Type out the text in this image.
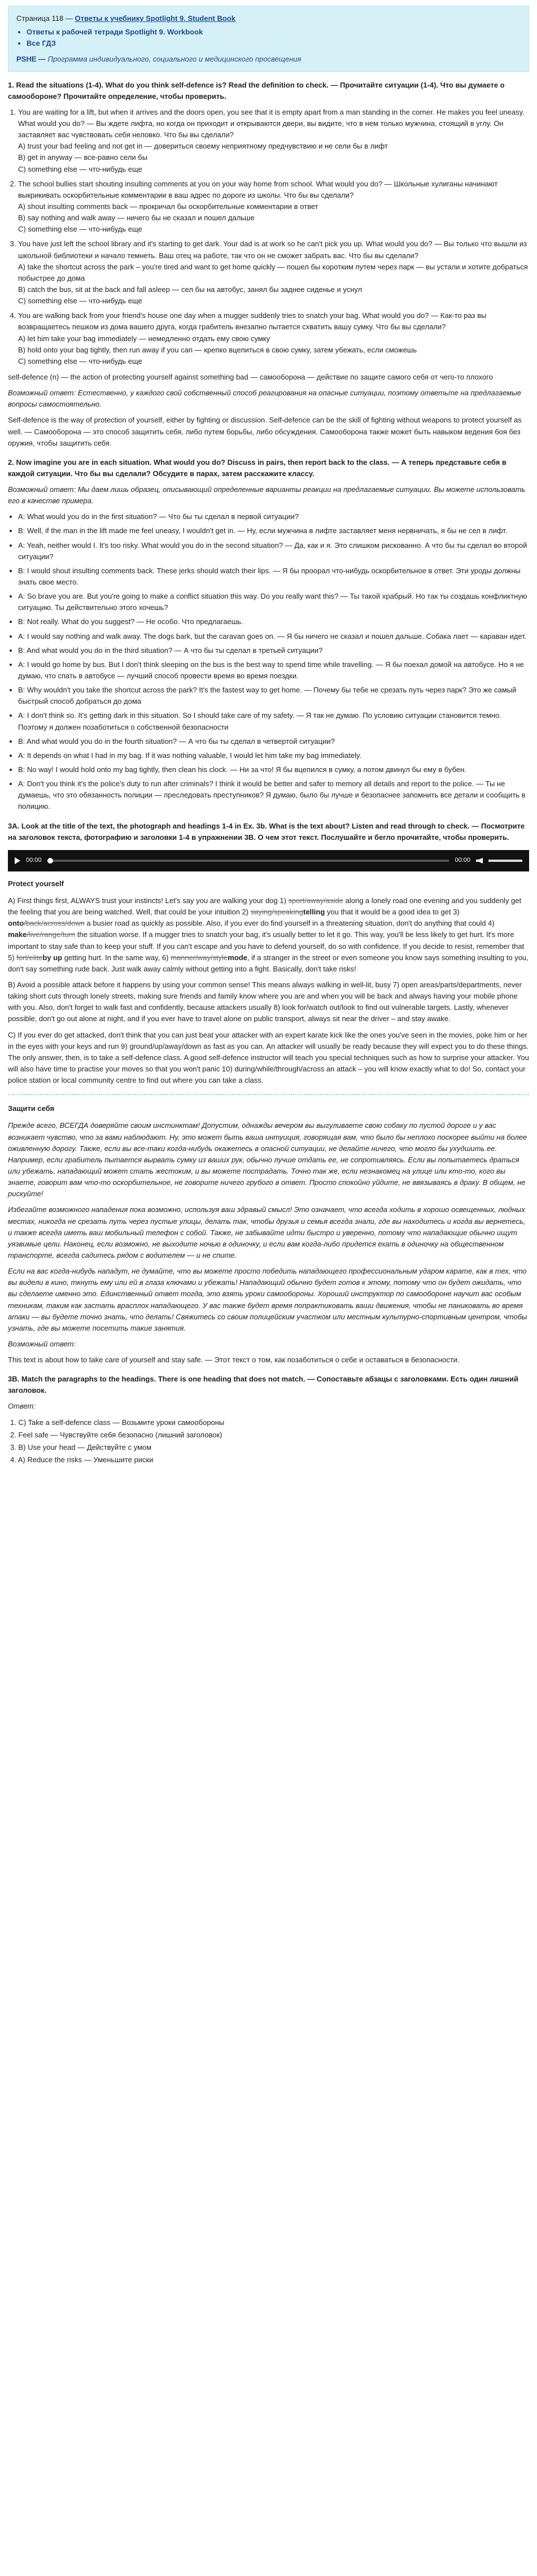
Страница 118 — Ответы к учебнику Spotlight 9. Student Book
• Ответы к рабочей тетради Spotlight 9. Workbook
• Все ГДЗ
PSHE — Программа индивидуального, социального и медицинского просвещения
1. Read the situations (1-4). What do you think self-defence is? Read the definition to check. — Прочитайте ситуации (1-4). Что вы думаете о самообороне? Прочитайте определение, чтобы проверить.
1. You are waiting for a lift, but when it arrives and the doors open, you see that it is empty apart from a man standing in the corner. He makes you feel uneasy. What would you do? — Вы ждете лифта, но когда он приходит и открываются двери, вы видите, что в нем только мужчина, стоящий в углу. Он заставляет вас чувствовать себя неловко. Что бы вы сделали?
A) trust your bad feeling and not get in — довериться своему неприятному предчувствию и не сели бы в лифт
B) get in anyway — все-равно сели бы
C) something else — что-нибудь еще
2. The school bullies start shouting insulting comments at you on your way home from school. What would you do? — Школьные хулиганы начинают выкрикивать оскорбительные комментарии в ваш адрес по дороге из школы. Что бы вы сделали?
A) shout insulting comments back — прокричал бы оскорбительные комментарии в ответ
B) say nothing and walk away — ничего бы не сказал и пошел дальше
C) something else — что-нибудь еще
3. You have just left the school library and it's starting to get dark. Your dad is at work so he can't pick you up. What would you do? — Вы только что вышли из школьной библиотеки и начало темнеть. Ваш отец на работе, так что он не сможет забрать вас. Что бы вы сделали?
A) take the shortcut across the park – you're tired and want to get home quickly — пошел бы коротким путем через парк — вы устали и хотите добраться побыстрее до дома
B) catch the bus, sit at the back and fall asleep — сел бы на автобус, занял бы заднее сиденье и уснул
C) something else — что-нибудь еще
4. You are walking back from your friend's house one day when a mugger suddenly tries to snatch your bag. What would you do? — Как-то раз вы возвращаетесь пешком из дома вашего друга, когда грабитель внезапно пытается схватить вашу сумку. Что бы вы сделали?
A) let him take your bag immediately — немедленно отдать ему свою сумку
B) hold onto your bag tightly, then run away if you can — крепко вцепиться в свою сумку, затем убежать, если сможешь
C) something else — что-нибудь еще

self-defence (n) — the action of protecting yourself against something bad — самооборона — действие по защите самого себя от чего-то плохого

Возможный ответ: Естественно, у каждого свой собственный способ реагирования на опасные ситуации, поэтому ответьте на предлагаемые вопросы самостоятельно.

Self-defence is the way of protection of yourself, either by fighting or discussion. Self-defence can be the skill of fighting without weapons to protect yourself as well. — Самооборона — это способ защитить себя, либо путем борьбы, либо обсуждения. Самооборона также может быть навыком ведения боя без оружия, чтобы защитить себя.

2. Now imagine you are in each situation. What would you do? Discuss in pairs, then report back to the class. — А теперь представьте себя в каждой ситуации. Что бы вы сделали? Обсудите в парах, затем расскажите классу.

Возможный ответ: Мы даем лишь образец, описывающий определенные варианты реакции на предлагаемые ситуации. Вы можете использовать его в качестве примера.

• A: What would you do in the first situation? — Что бы ты сделал в первой ситуации?
• B: Well, if the man in the lift made me feel uneasy, I wouldn't get in. — Ну, если мужчина в лифте заставляет меня нервничать, я бы не сел в лифт.
• A: Yeah, neither would I. It's too risky. What would you do in the second situation? — Да, как и я. Это слишком рискованно. А что бы ты сделал во второй ситуации?
• B: I would shout insulting comments back. These jerks should watch their lips. — Я бы проорал что-нибудь оскорбительное в ответ. Эти уроды должны знать свое место.
• A: So brave you are. But you're going to make a conflict situation this way. Do you really want this? — Ты такой храбрый. Но так ты создашь конфликтную ситуацию. Ты действительно этого хочешь?
• B: Not really. What do you suggest? — Не особо. Что предлагаешь.
• A: I would say nothing and walk away. The dogs bark, but the caravan goes on. — Я бы ничего не сказал и пошел дальше. Собака лает — караван идет.
• B: And what would you do in the third situation? — А что бы ты сделал в третьей ситуации?
• A: I would go home by bus. But I don't think sleeping on the bus is the best way to spend time while travelling. — Я бы поехал домой на автобусе. Но я не думаю, что спать в автобусе — лучший способ провести время во время поездки.
• B: Why wouldn't you take the shortcut across the park? It's the fastest way to get home. — Почему бы тебе не срезать путь через парк? Это же самый быстрый способ добраться до дома
• A: I don't think so. It's getting dark in this situation. So I should take care of my safety. — Я так не думаю. По условию ситуации становится темно. Поэтому я должен позаботиться о собственной безопасности
• B: And what would you do in the fourth situation? — А что бы ты сделал в четвертой ситуации?
• A: It depends on what I had in my bag. If it was nothing valuable, I would let him take my bag immediately.
• B: No way! I would hold onto my bag tightly, then clean his clock. — Ни за что! Я бы вцепился в сумку, а потом двинул бы ему в бубен.
• A: Don't you think it's the police's duty to run after criminals? I think it would be better and safer to memory all details and report to the police. — Ты не думаешь, что это обязанность полиции — преследовать преступников? Я думаю, было бы лучше и безопаснее запомнить все детали и сообщить в полицию.
3A. Look at the title of the text, the photograph and headings 1-4 in Ex. 3b. What is the text about? Listen and read through to check. — Посмотрите на заголовок текста, фотографию и заголовки 1-4 в упражнении 3B. О чем этот текст. Послушайте и бегло прочитайте, чтобы проверить.
00:00	00:00
Protect yourself

A) First things first, ALWAYS trust your instincts! Let's say you are walking your dog 1) sport/away/aside along a lonely road one evening and you suddenly get the feeling that you are being watched. Well, that could be your intuition 2) saying/speakingtelling you that it would be a good idea to get 3) onto/back/across/down a busier road as quickly as possible. Also, if you ever do find yourself in a threatening situation, don't do anything that could 4) make/live/range/turn the situation worse. If a mugger tries to snatch your bag, it's usually better to let it go. This way, you'll be less likely to get hurt. It's more important to stay safe than to keep your stuff. If you can't escape and you have to defend yourself, do so with confidence. If you decide to resist, remember that 5) fort/eliteby up getting hurt. In the same way, 6) manner/way/stylemode, if a stranger in the street or even someone you know says something insulting to you, don't say something rude back. Just walk away calmly without getting into a fight. Basically, don't take risks!

B) Avoid a possible attack before it happens by using your common sense! This means always walking in well-lit, busy 7) open areas/parts/departments, never taking short cuts through lonely streets, making sure friends and family know where you are and when you will be back and always having your mobile phone with you. Also, don't forget to walk fast and confidently, because attackers usually 8) look for/watch out/look to find out vulnerable targets. Lastly, whenever possible, don't go out alone at night, and if you ever have to travel alone on public transport, always sit near the driver – and stay awake.

C) If you ever do get attacked, don't think that you can just beat your attacker with an expert karate kick like the ones you've seen in the movies, poke him or her in the eyes with your keys and run 9) ground/up/away/down as fast as you can. An attacker will usually be ready because they will expect you to do these things. The only answer, then, is to take a self-defence class. A good self-defence instructor will teach you special techniques such as how to surprise your attacker. You will also have time to practise your moves so that you won't panic 10) during/while/through/across an attack – you will know exactly what to do! So, contact your police station or local community centre to find out where you can take a class.

Защити себя

Прежде всего, ВСЕГДА доверяйте своим инстинктам! Допустим, однажды вечером вы выгуливаете свою собаку по пустой дороге и у вас возникает чувство, что за вами наблюдают. Ну, это может быть ваша интуиция, говорящая вам, что было бы неплохо поскорее выйти на более оживленную дорогу. Также, если вы все-таки когда-нибудь окажетесь в опасной ситуации, не делайте ничего, что могло бы ухудшить ее. Например, если грабитель пытается вырвать сумку из ваших рук, обычно лучше отдать ее, не сопротивляясь. Если вы попытаетесь драться или убежать, нападающий может стать жестоким, и вы можете пострадать. Точно так же, если незнакомец на улице или кто-то, кого вы знаете, говорит вам что-то оскорбительное, не говорите ничего грубого в ответ. Просто спокойно уйдите, не ввязываясь в драку. В общем, не рискуйте!

Избегайте возможного нападения пока возможно, используя ваш здравый смысл! Это означает, что всегда ходить в хорошо освещенных, людных местах, никогда не срезать путь через пустые улицы, делать так, чтобы друзья и семья всегда знали, где вы находитесь и когда вы вернетесь, и также всегда иметь ваш мобильный телефон с собой. Также, не забывайте идти быстро и уверенно, потому что нападающие обычно ищут уязвимые цели. Наконец, если возможно, не выходите ночью в одиночку, и если вам когда-либо придется ехать в одиночку на общественном транспорте, всегда садитесь рядом с водителем — и не спите.

Если на вас когда-нибудь нападут, не думайте, что вы можете просто победить нападающего профессиональным ударом карате, как в тех, что вы видели в кино, ткнуть ему или ей в глаза ключами и убежать! Нападающий обычно будет готов к этому, потому что он будет ожидать, что вы сделаете именно это. Единственный ответ тогда, это взять уроки самообороны. Хороший инструктор по самообороне научит вас особым техникам, таким как застать врасплох нападающего. У вас также будет время попрактиковать ваши движения, чтобы не паниковать во время атаки — вы будете точно знать, что делать! Свяжитесь со своим полицейским участком или местным культурно-спортивным центром, чтобы узнать, где вы можете посетить такие занятия.

Возможный ответ:

This text is about how to take care of yourself and stay safe. — Этот текст о том, как позаботиться о себе и оставаться в безопасности.

3B. Match the paragraphs to the headings. There is one heading that does not match. — Сопоставьте абзацы с заголовками. Есть один лишний заголовок.

Ответ:

1. C) Take a self-defence class — Возьмите уроки самообороны
2. Feel safe — Чувствуйте себя безопасно (лишний заголовок)
3. B) Use your head — Действуйте с умом
4. A) Reduce the risks — Уменьшите риски
